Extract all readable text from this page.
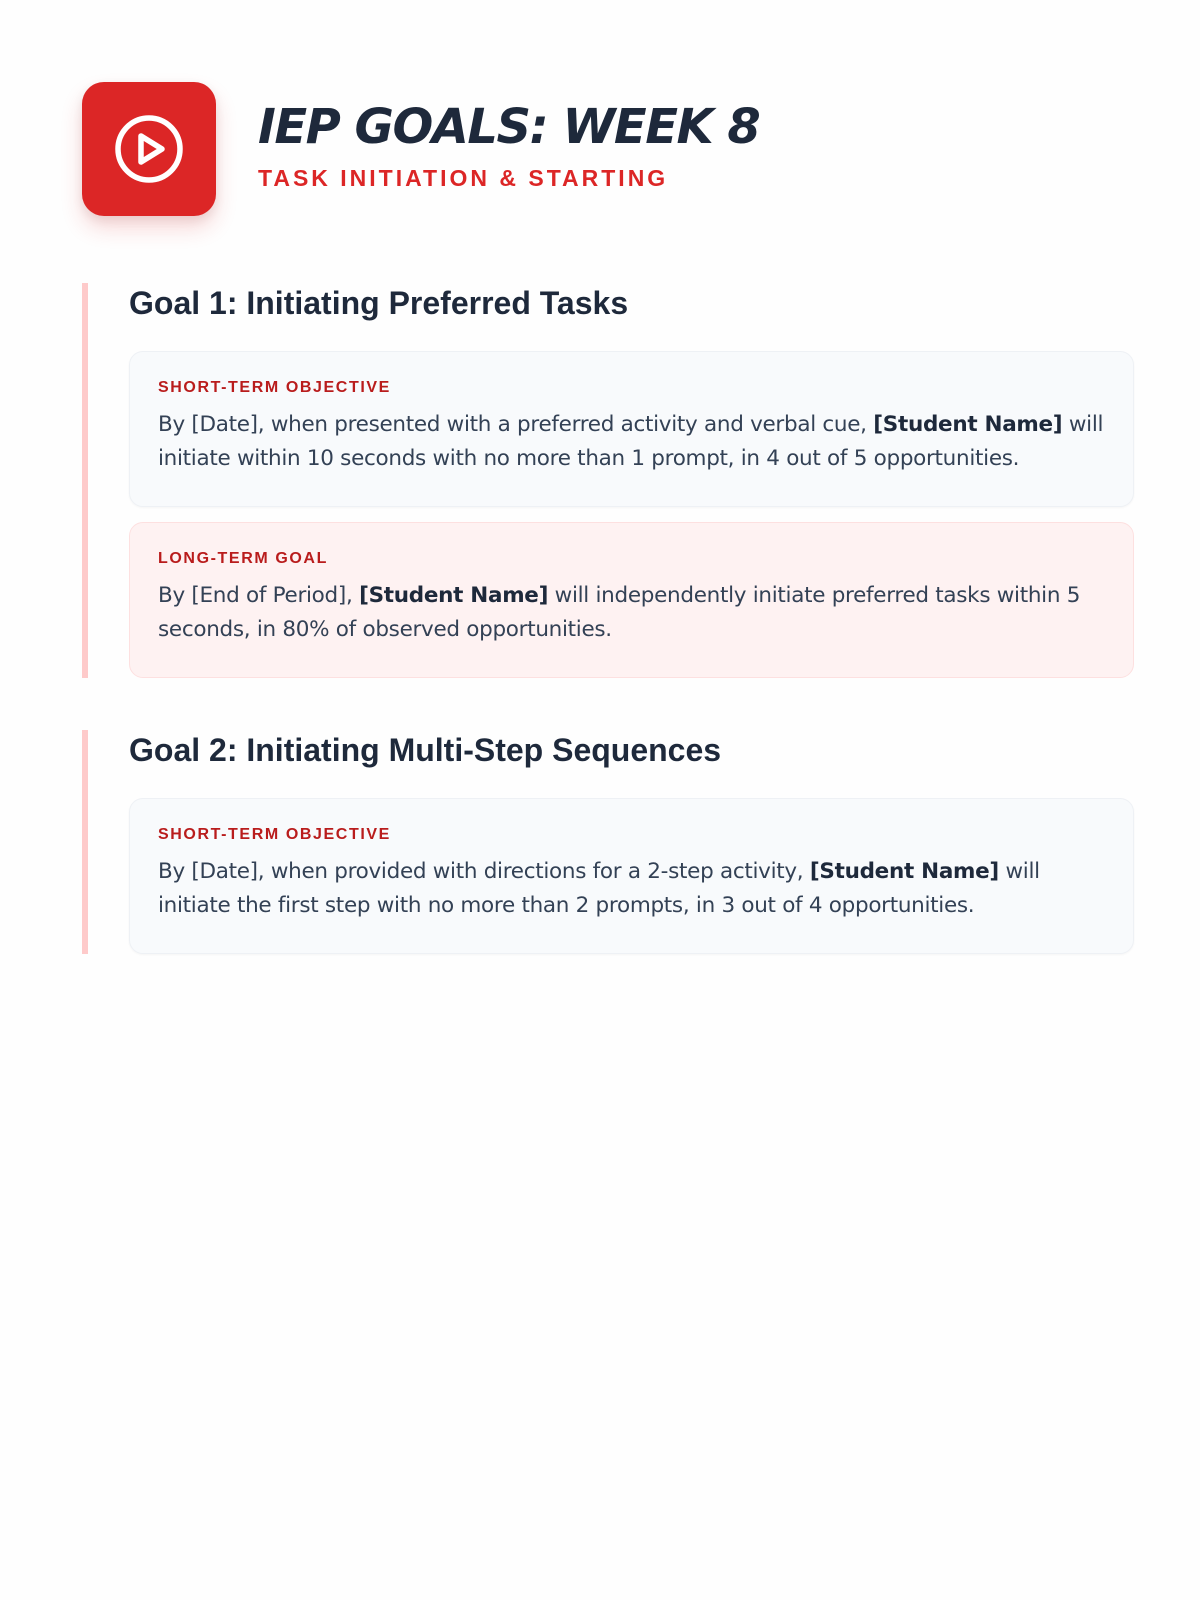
IEP GOALS: WEEK 8
TASK INITIATION & STARTING
Goal 1: Initiating Preferred Tasks
SHORT-TERM OBJECTIVE
By [Date], when presented with a preferred activity and verbal cue, [Student Name] will initiate within 10 seconds with no more than 1 prompt, in 4 out of 5 opportunities.
LONG-TERM GOAL
By [End of Period], [Student Name] will independently initiate preferred tasks within 5 seconds, in 80% of observed opportunities.
Goal 2: Initiating Multi-Step Sequences
SHORT-TERM OBJECTIVE
By [Date], when provided with directions for a 2-step activity, [Student Name] will initiate the first step with no more than 2 prompts, in 3 out of 4 opportunities.
